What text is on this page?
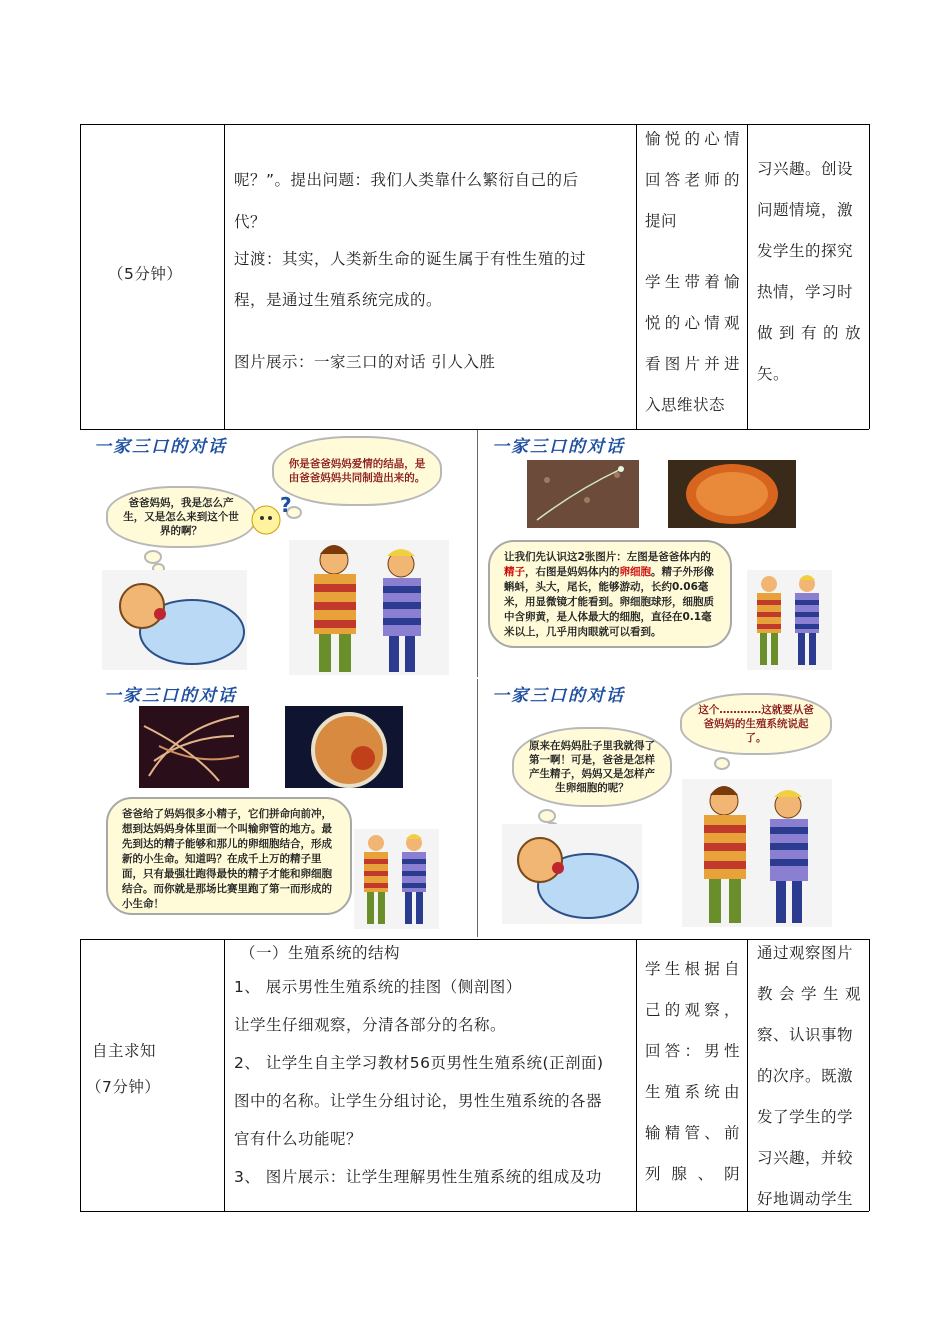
（5分钟）
呢？”。提出问题：我们人类靠什么繁衍自己的后
代？
过渡：其实，人类新生命的诞生属于有性生殖的过
程，是通过生殖系统完成的。
图片展示：一家三口的对话 引人入胜
愉悦的心情
回答老师的
提问
学生带着愉
悦的心情观
看图片并进
入思维状态
习兴趣。创设
问题情境，激
发学生的探究
热情，学习时
做到有的放
矢。
一家三口的对话
你是爸爸妈妈爱情的结晶，是由爸爸妈妈共同制造出来的。
爸爸妈妈，我是怎么产生，又是怎么来到这个世界的啊？
?
一家三口的对话
让我们先认识这2张图片：左图是爸爸体内的精子，右图是妈妈体内的卵细胞。精子外形像蝌蚪，头大，尾长，能够游动，长约0.06毫米，用显微镜才能看到。卵细胞球形，细胞质中含卵黄，是人体最大的细胞，直径在0.1毫米以上，几乎用肉眼就可以看到。
一家三口的对话
爸爸给了妈妈很多小精子，它们拼命向前冲，想到达妈妈身体里面一个叫输卵管的地方。最先到达的精子能够和那儿的卵细胞结合，形成新的小生命。知道吗？在成千上万的精子里面，只有最强壮跑得最快的精子才能和卵细胞结合。而你就是那场比赛里跑了第一而形成的小生命！
一家三口的对话
这个…………这就要从爸爸妈妈的生殖系统说起了。
原来在妈妈肚子里我就得了第一啊！可是，爸爸是怎样产生精子，妈妈又是怎样产生卵细胞的呢？
自主求知
（7分钟）
（一）生殖系统的结构
1、 展示男性生殖系统的挂图（侧剖图）
让学生仔细观察，分清各部分的名称。
2、 让学生自主学习教材56页男性生殖系统(正剖面)
图中的名称。让学生分组讨论，男性生殖系统的各器
官有什么功能呢？
3、 图片展示：让学生理解男性生殖系统的组成及功
学生根据自
己的观察，
回答：男性
生殖系统由
输精管、前
列腺、阴
通过观察图片
教会学生观
察、认识事物
的次序。既激
发了学生的学
习兴趣，并较
好地调动学生
